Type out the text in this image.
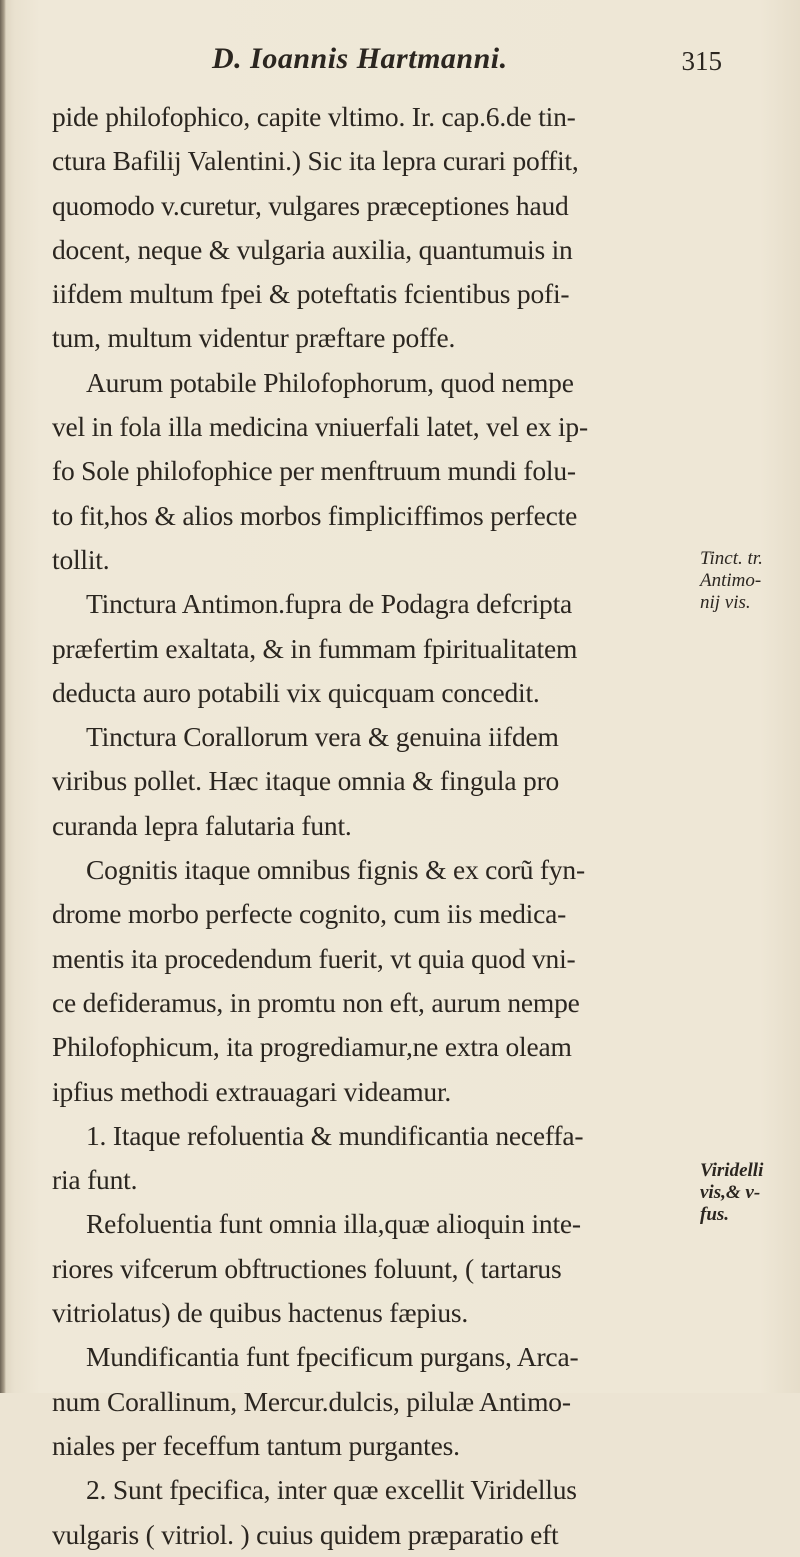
D. Ioannis Hartmanni.	315
pide philofophico, capite vltimo. Ir. cap.6.de tin-
ctura Bafilij Valentini.) Sic ita lepra curari poffit,
quomodo v.curetur, vulgares præceptiones haud
docent, neque & vulgaria auxilia, quantumuis in
iifdem multum fpei & poteftatis fcientibus pofi-
tum, multum videntur præftare poffe.
Aurum potabile Philofophorum, quod nempe
vel in fola illa medicina vniuerfali latet, vel ex ip-
fo Sole philofophice per menftruum mundi folu-
to fit,hos & alios morbos fimpliciffimos perfecte
tollit.
Tinctura Antimon.fupra de Podagra defcripta
præfertim exaltata, & in fummam fpiritualitatem
deducta auro potabili vix quicquam concedit.
Tinctura Corallorum vera & genuina iifdem
viribus pollet. Hæc itaque omnia & fingula pro
curanda lepra falutaria funt.
Cognitis itaque omnibus fignis & ex corũ fyn-
drome morbo perfecte cognito, cum iis medica-
mentis ita procedendum fuerit, vt quia quod vni-
ce defideramus, in promtu non eft, aurum nempe
Philofophicum, ita progrediamur,ne extra oleam
ipfius methodi extrauagari videamur.
1. Itaque refoluentia & mundificantia neceffa-
ria funt.
Refoluentia funt omnia illa,quæ alioquin inte-
riores vifcerum obftructiones foluunt, ( tartarus
vitriolatus) de quibus hactenus fæpius.
Mundificantia funt fpecificum purgans, Arca-
num Corallinum, Mercur.dulcis, pilulæ Antimo-
niales per feceffum tantum purgantes.
2. Sunt fpecifica, inter quæ excellit Viridellus
vulgaris ( vitriol. ) cuius quidem præparatio eft
Tinct. tr.
Antimo-
nij vis.
Viridelli
vis,& v-
fus.
